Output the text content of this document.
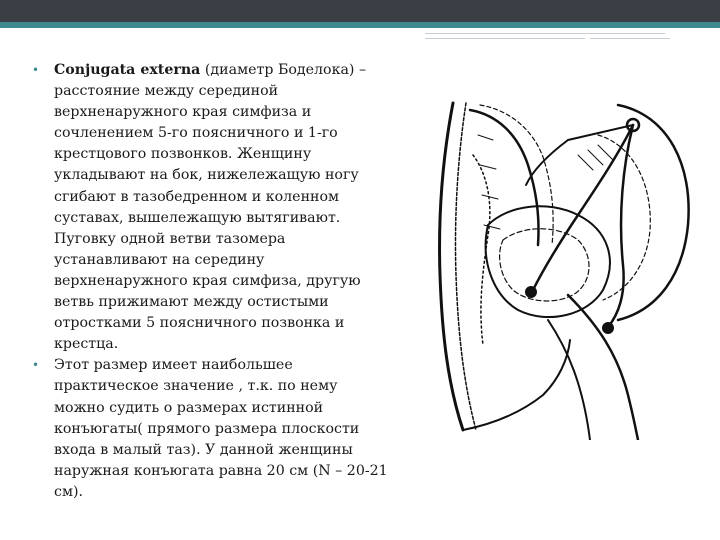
• Conjugata externa (диаметр Боделока) – расстояние между серединой верхненаружного края симфиза и сочленением 5-го поясничного и 1-го крестцового позвонков. Женщину укладывают на бок, нижележащую ногу сгибают в тазобедренном и коленном суставах, вышележащую вытягивают. Пуговку одной ветви тазомера устанавливают на середину верхненаружного края симфиза, другую ветвь прижимают между остистыми отростками 5 поясничного позвонка и крестца.

• Этот размер имеет наибольшее практическое значение , т.к. по нему можно судить о размерах истинной конъюгаты( прямого размера плоскости входа в малый таз). У данной женщины наружная конъюгата равна 20 см (N – 20-21 см).
